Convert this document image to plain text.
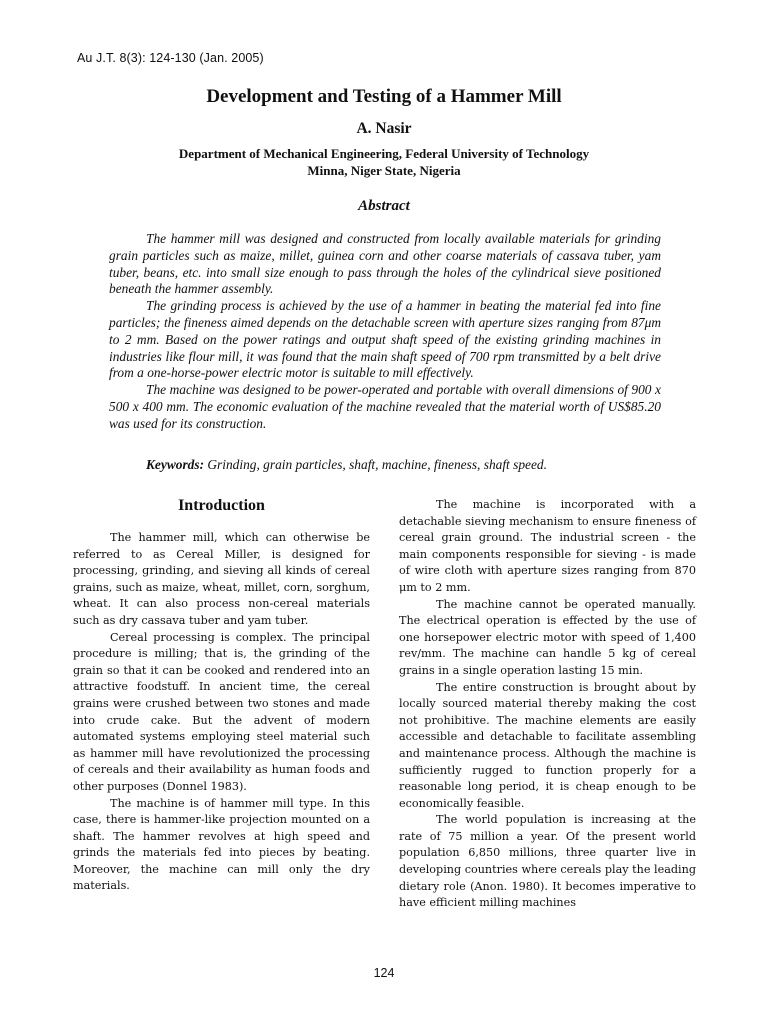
Au J.T. 8(3): 124-130 (Jan. 2005)
Development and Testing of a Hammer Mill
A. Nasir
Department of Mechanical Engineering, Federal University of Technology
Minna, Niger State, Nigeria
Abstract

The hammer mill was designed and constructed from locally available materials for grinding grain particles such as maize, millet, guinea corn and other coarse materials of cassava tuber, yam tuber, beans, etc. into small size enough to pass through the holes of the cylindrical sieve positioned beneath the hammer assembly.

The grinding process is achieved by the use of a hammer in beating the material fed into fine particles; the fineness aimed depends on the detachable screen with aperture sizes ranging from 87μm to 2 mm. Based on the power ratings and output shaft speed of the existing grinding machines in industries like flour mill, it was found that the main shaft speed of 700 rpm transmitted by a belt drive from a one-horse-power electric motor is suitable to mill effectively.

The machine was designed to be power-operated and portable with overall dimensions of 900 x 500 x 400 mm. The economic evaluation of the machine revealed that the material worth of US$85.20 was used for its construction.

Keywords: Grinding, grain particles, shaft, machine, fineness, shaft speed.
Introduction

The hammer mill, which can otherwise be referred to as Cereal Miller, is designed for processing, grinding, and sieving all kinds of cereal grains, such as maize, wheat, millet, corn, sorghum, wheat. It can also process non-cereal materials such as dry cassava tuber and yam tuber.

Cereal processing is complex. The principal procedure is milling; that is, the grinding of the grain so that it can be cooked and rendered into an attractive foodstuff. In ancient time, the cereal grains were crushed between two stones and made into crude cake. But the advent of modern automated systems employing steel material such as hammer mill have revolutionized the processing of cereals and their availability as human foods and other purposes (Donnel 1983).

The machine is of hammer mill type. In this case, there is hammer-like projection mounted on a shaft. The hammer revolves at high speed and grinds the materials fed into pieces by beating. Moreover, the machine can mill only the dry materials.

The machine is incorporated with a detachable sieving mechanism to ensure fineness of cereal grain ground. The industrial screen - the main components responsible for sieving - is made of wire cloth with aperture sizes ranging from 870 μm to 2 mm.

The machine cannot be operated manually. The electrical operation is effected by the use of one horsepower electric motor with speed of 1,400 rev/mm. The machine can handle 5 kg of cereal grains in a single operation lasting 15 min.

The entire construction is brought about by locally sourced material thereby making the cost not prohibitive. The machine elements are easily accessible and detachable to facilitate assembling and maintenance process. Although the machine is sufficiently rugged to function properly for a reasonable long period, it is cheap enough to be economically feasible.

The world population is increasing at the rate of 75 million a year. Of the present world population 6,850 millions, three quarter live in developing countries where cereals play the leading dietary role (Anon. 1980). It becomes imperative to have efficient milling machines

124
